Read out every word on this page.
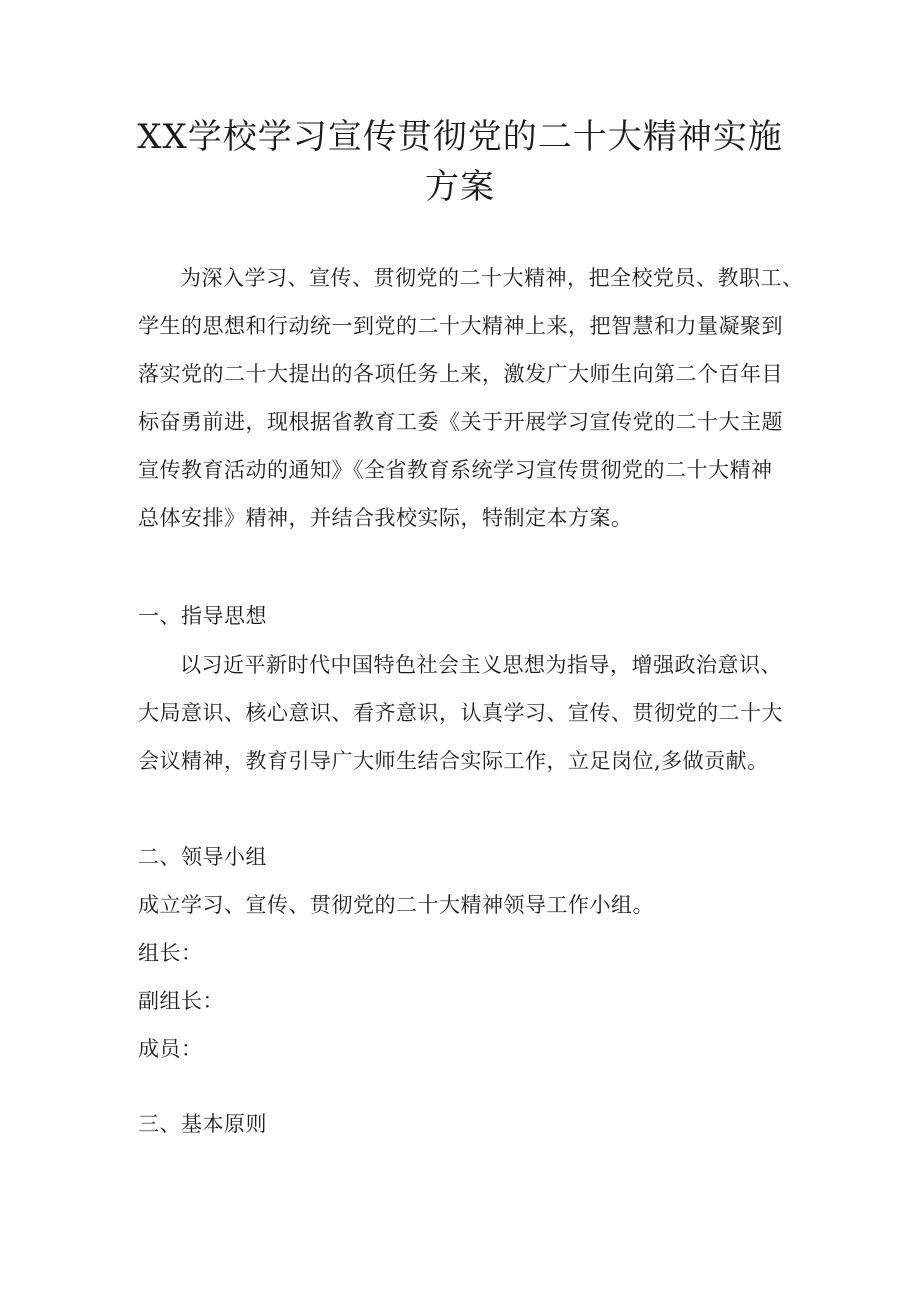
XX学校学习宣传贯彻党的二十大精神实施
方案

为深入学习、宣传、贯彻党的二十大精神，把全校党员、教职工、
学生的思想和行动统一到党的二十大精神上来，把智慧和力量凝聚到
落实党的二十大提出的各项任务上来，激发广大师生向第二个百年目
标奋勇前进，现根据省教育工委《关于开展学习宣传党的二十大主题
宣传教育活动的通知》《全省教育系统学习宣传贯彻党的二十大精神
总体安排》精神，并结合我校实际，特制定本方案。

一、指导思想

以习近平新时代中国特色社会主义思想为指导，增强政治意识、
大局意识、核心意识、看齐意识，认真学习、宣传、贯彻党的二十大
会议精神，教育引导广大师生结合实际工作，立足岗位,多做贡献。

二、领导小组
成立学习、宣传、贯彻党的二十大精神领导工作小组。
组长：
副组长：
成员：
三、基本原则
